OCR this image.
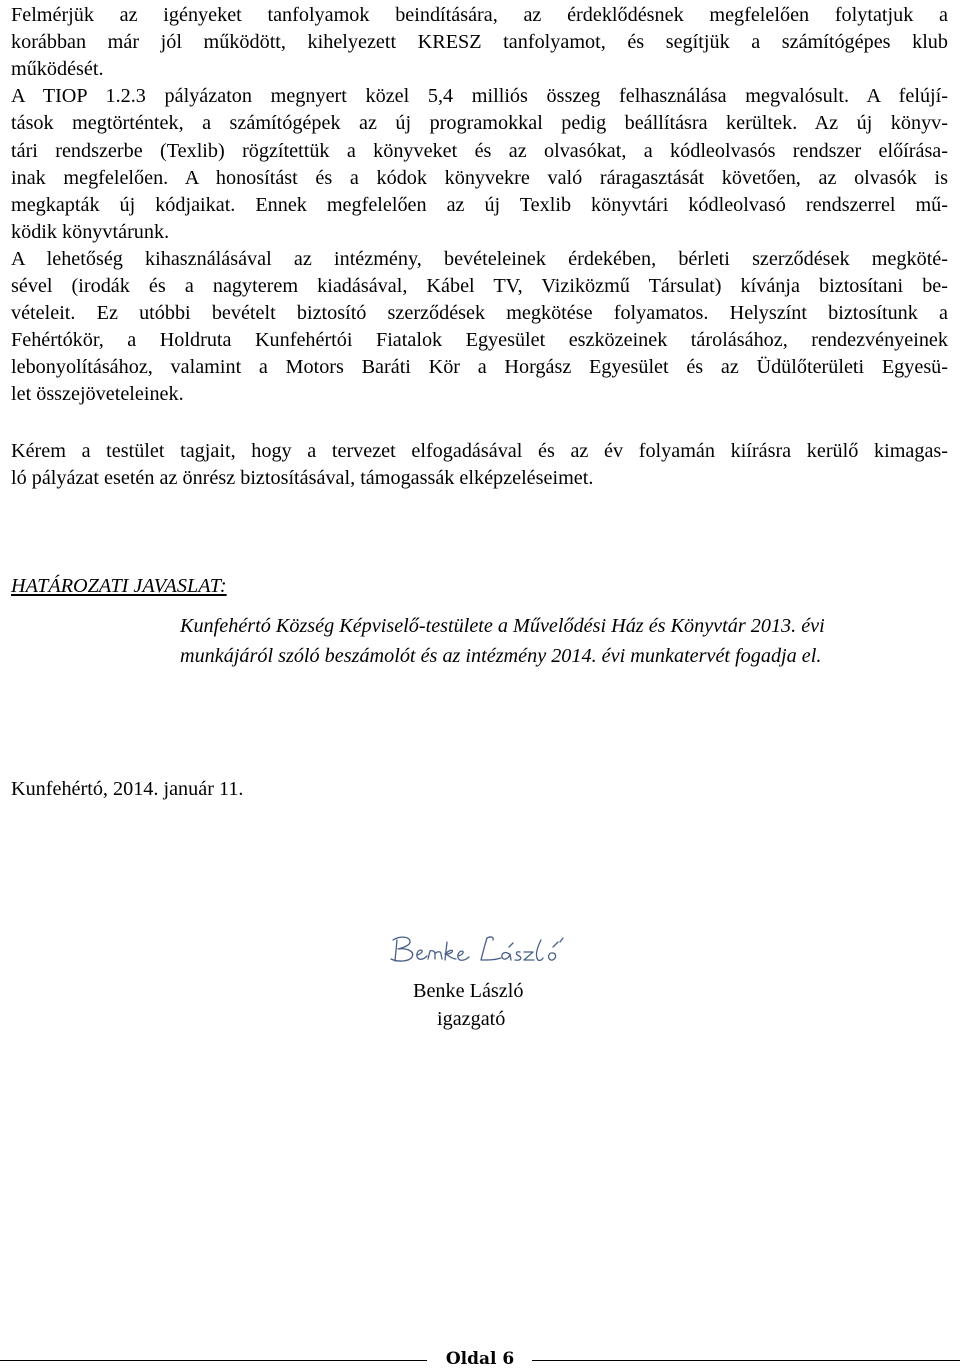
Felmérjük az igényeket tanfolyamok beindítására, az érdeklődésnek megfelelően folytatjuk a
korábban már jól működött, kihelyezett KRESZ tanfolyamot, és segítjük a számítógépes klub
működését.
A TIOP 1.2.3 pályázaton megnyert közel 5,4 milliós összeg felhasználása megvalósult. A felújí-
tások megtörténtek, a számítógépek az új programokkal pedig beállításra kerültek. Az új könyv-
tári rendszerbe (Texlib) rögzítettük a könyveket és az olvasókat, a kódleolvasós rendszer előírása-
inak megfelelően. A honosítást és a kódok könyvekre való ráragasztását követően, az olvasók is
megkapták új kódjaikat. Ennek megfelelően az új Texlib könyvtári kódleolvasó rendszerrel mű-
ködik könyvtárunk.
A lehetőség kihasználásával az intézmény, bevételeinek érdekében, bérleti szerződések megköté-
sével (irodák és a nagyterem kiadásával, Kábel TV, Viziközmű Társulat) kívánja biztosítani be-
vételeit. Ez utóbbi bevételt biztosító szerződések megkötése folyamatos. Helyszínt biztosítunk a
Fehértókör, a Holdruta Kunfehértói Fiatalok Egyesület eszközeinek tárolásához, rendezvényeinek
lebonyolításához, valamint a Motors Baráti Kör a Horgász Egyesület és az Üdülőterületi Egyesü-
let összejöveteleinek.
Kérem a testület tagjait, hogy a tervezet elfogadásával és az év folyamán kiírásra kerülő kimagas-
ló pályázat esetén az önrész biztosításával, támogassák elképzeléseimet.
HATÁROZATI JAVASLAT:
Kunfehértó Község Képviselő-testülete a Művelődési Ház és Könyvtár 2013. évi
munkájáról szóló beszámolót és az intézmény 2014. évi munkatervét fogadja el.
Kunfehértó, 2014. január 11.
Benke László
igazgató
Oldal 6
